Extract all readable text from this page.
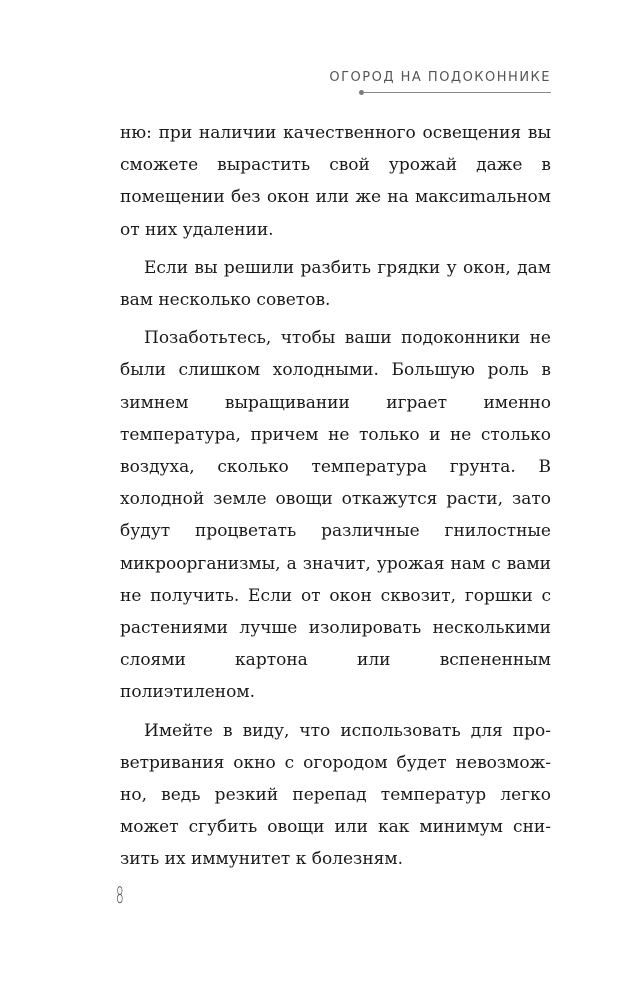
ОГОРОД НА ПОДОКОННИКЕ

ню: при наличии качественного освещения вы сможете вырастить свой урожай даже в помещении без окон или же на максиmальном от них удалении.

Если вы решили разбить грядки у окон, дам вам несколько советов.

Позаботьтесь, чтобы ваши подоконники не были слишком холодными. Большую роль в зимнем выращивании играет именно температура, причем не только и не столько воздуха, сколько температура грунта. В холодной земле овощи откажутся расти, зато будут процветать различные гнилостные микроорганизмы, а значит, урожая нам с вами не получить. Если от окон сквозит, горшки с растениями лучше изолировать несколькими слоями картона или вспененным полиэтиленом.

Имейте в виду, что использовать для проветривания окно с огородом будет невозможно, ведь резкий перепад температур легко может сгубить овощи или как минимум снизить их иммунитет к болезням.

8
